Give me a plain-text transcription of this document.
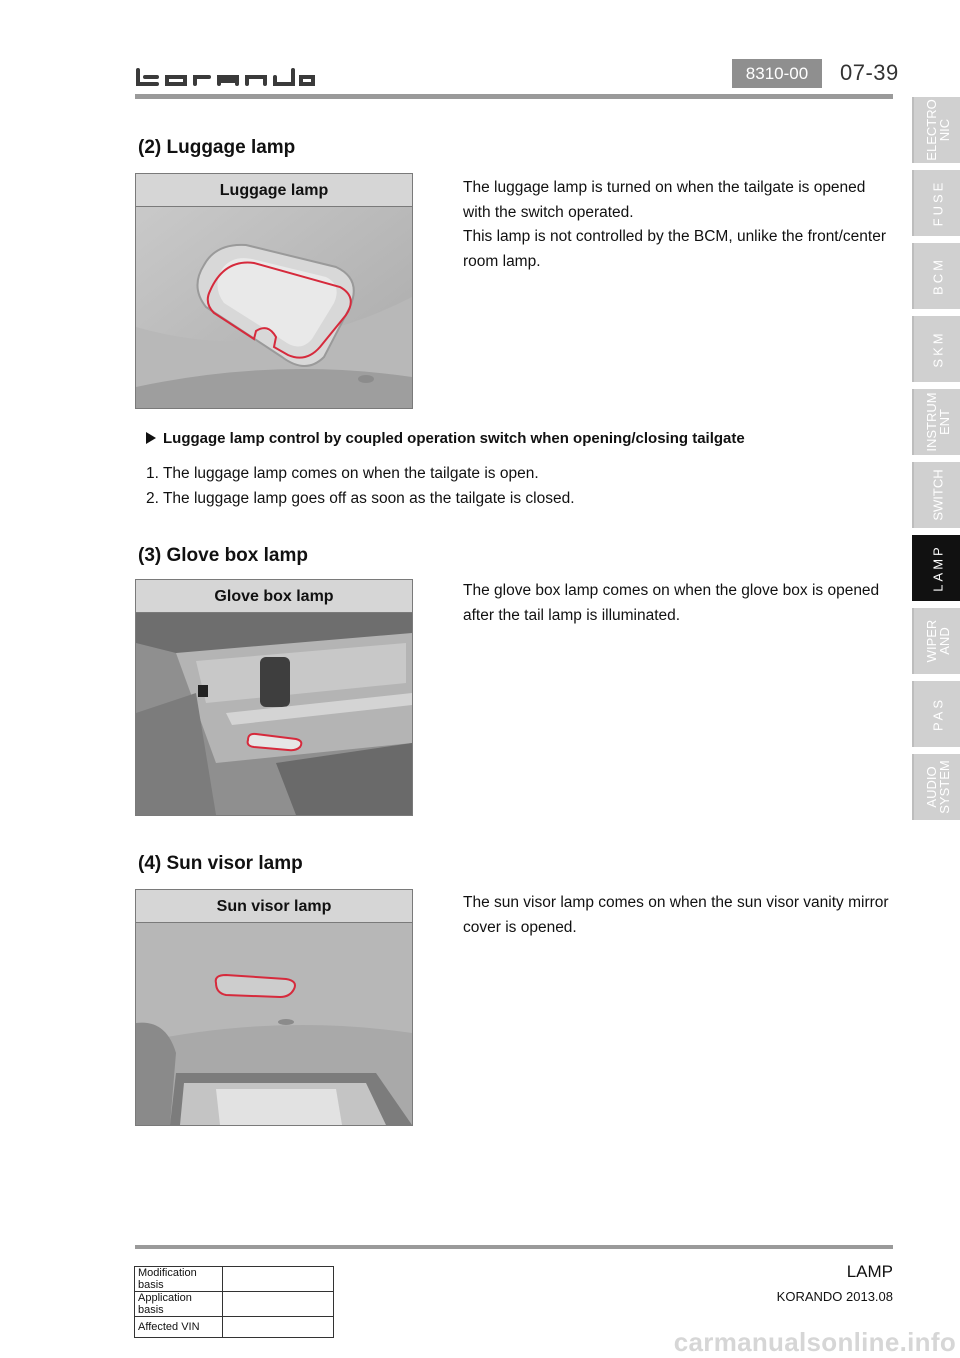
8310-00	07-39
ELECTRO
NIC
FUSE
BCM
SKM
INSTRUM
ENT
SWITCH
LAMP
WIPER
AND
PAS
AUDIO
SYSTEM
(2) Luggage lamp
Luggage lamp	The luggage lamp is turned on when the tailgate is opened with the switch operated.

This lamp is not controlled by the BCM, unlike the front/center room lamp.

Luggage lamp control by coupled operation switch when opening/closing tailgate

1. The luggage lamp comes on when the tailgate is open.

2. The luggage lamp goes off as soon as the tailgate is closed.

(3) Glove box lamp
Glove box lamp	The glove box lamp comes on when the glove box is opened after the tail lamp is illuminated.

(4) Sun visor lamp
Sun visor lamp	The sun visor lamp comes on when the sun visor vanity mirror cover is opened.

Modification basis	
Application basis	
Affected VIN	
LAMP
KORANDO 2013.08
carmanualsonline.info
